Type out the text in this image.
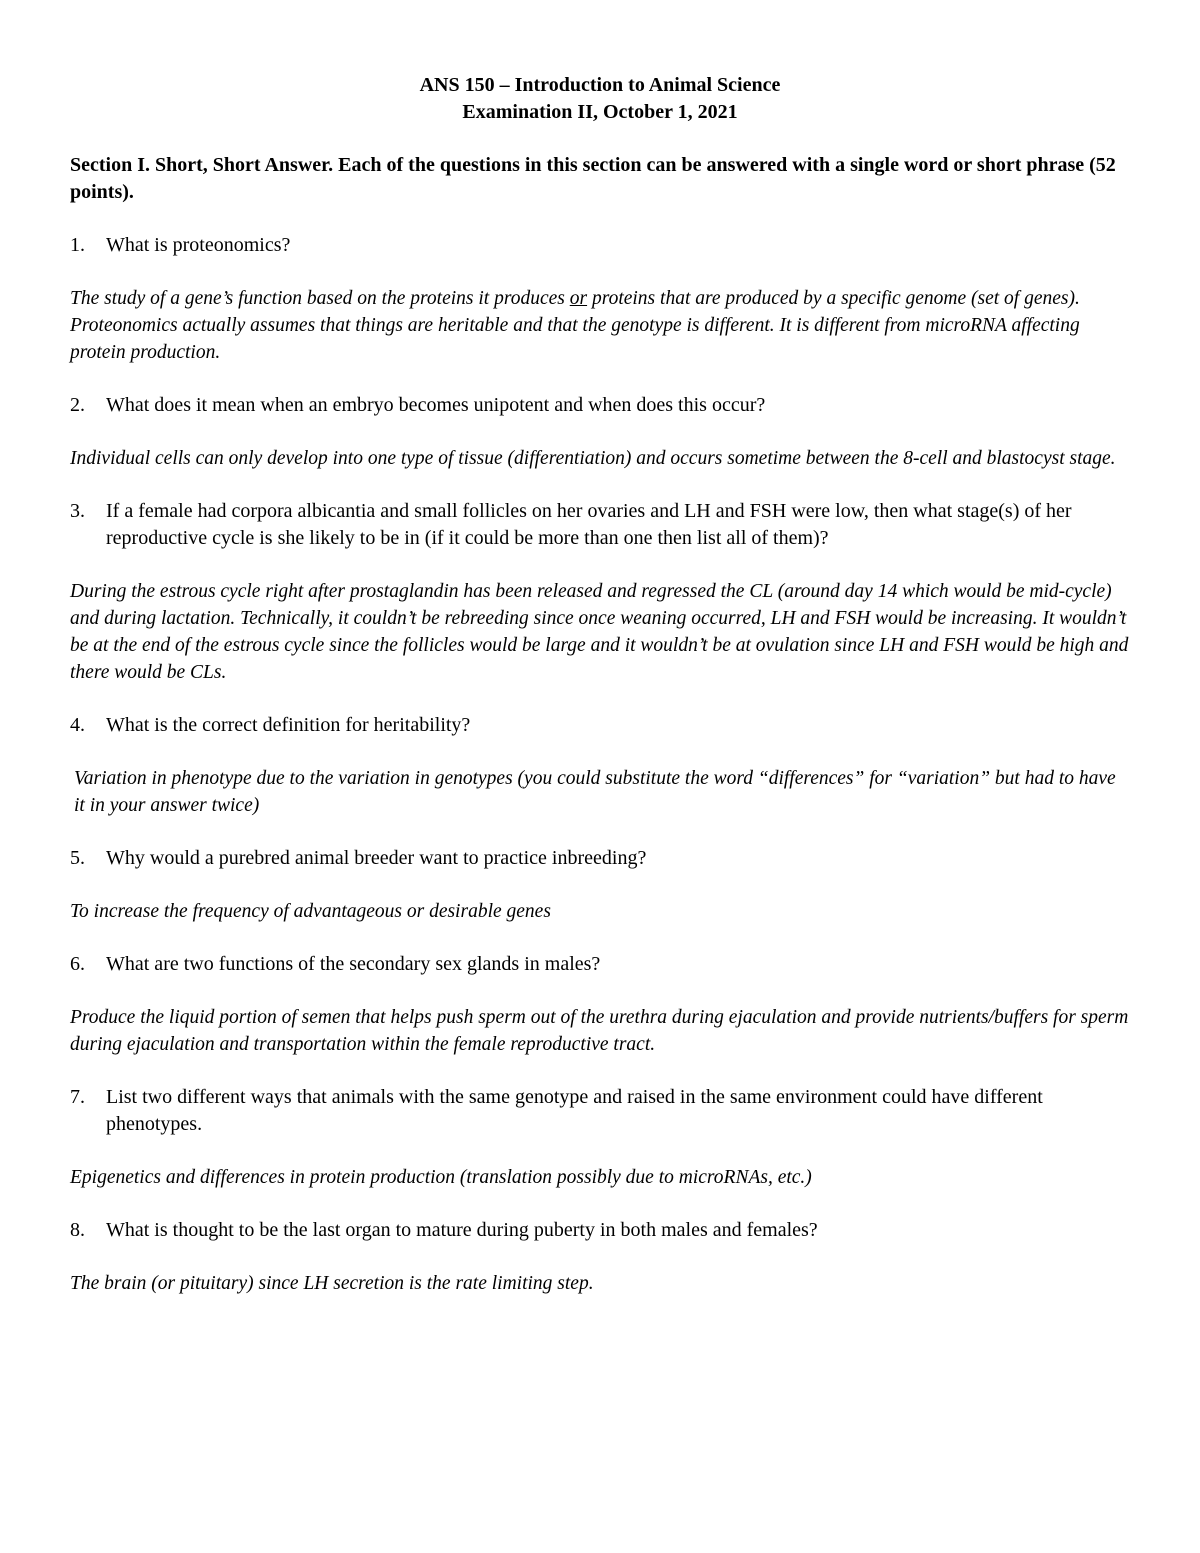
ANS 150 – Introduction to Animal Science
Examination II, October 1, 2021
Section I. Short, Short Answer. Each of the questions in this section can be answered with a single word or short phrase (52 points).
1. What is proteonomics?
The study of a gene’s function based on the proteins it produces or proteins that are produced by a specific genome (set of genes). Proteonomics actually assumes that things are heritable and that the genotype is different. It is different from microRNA affecting protein production.
2. What does it mean when an embryo becomes unipotent and when does this occur?
Individual cells can only develop into one type of tissue (differentiation) and occurs sometime between the 8-cell and blastocyst stage.
3. If a female had corpora albicantia and small follicles on her ovaries and LH and FSH were low, then what stage(s) of her reproductive cycle is she likely to be in (if it could be more than one then list all of them)?
During the estrous cycle right after prostaglandin has been released and regressed the CL (around day 14 which would be mid-cycle) and during lactation. Technically, it couldn’t be rebreeding since once weaning occurred, LH and FSH would be increasing. It wouldn’t be at the end of the estrous cycle since the follicles would be large and it wouldn’t be at ovulation since LH and FSH would be high and there would be CLs.
4. What is the correct definition for heritability?
Variation in phenotype due to the variation in genotypes (you could substitute the word “differences” for “variation” but had to have it in your answer twice)
5. Why would a purebred animal breeder want to practice inbreeding?
To increase the frequency of advantageous or desirable genes
6. What are two functions of the secondary sex glands in males?
Produce the liquid portion of semen that helps push sperm out of the urethra during ejaculation and provide nutrients/buffers for sperm during ejaculation and transportation within the female reproductive tract.
7. List two different ways that animals with the same genotype and raised in the same environment could have different phenotypes.
Epigenetics and differences in protein production (translation possibly due to microRNAs, etc.)
8. What is thought to be the last organ to mature during puberty in both males and females?
The brain (or pituitary) since LH secretion is the rate limiting step.
